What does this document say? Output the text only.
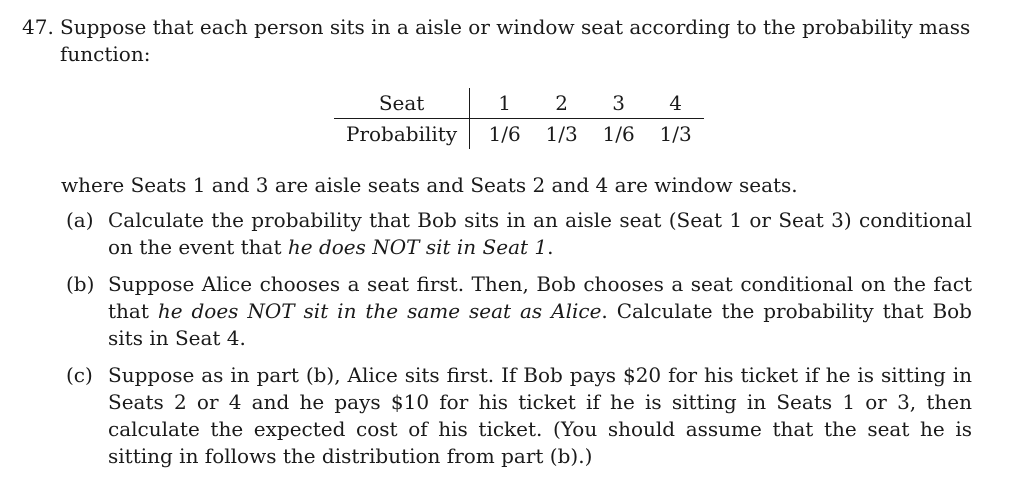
47. Suppose that each person sits in a aisle or window seat according to the probability mass
function:
Seat	1	2	3	4
Probability	1/6	1/3	1/6	1/3
where Seats 1 and 3 are aisle seats and Seats 2 and 4 are window seats.
(a) Calculate the probability that Bob sits in an aisle seat (Seat 1 or Seat 3) conditional on the event that he does NOT sit in Seat 1.
(b) Suppose Alice chooses a seat first. Then, Bob chooses a seat conditional on the fact that he does NOT sit in the same seat as Alice. Calculate the probability that Bob sits in Seat 4.
(c) Suppose as in part (b), Alice sits first. If Bob pays $20 for his ticket if he is sitting in Seats 2 or 4 and he pays $10 for his ticket if he is sitting in Seats 1 or 3, then calculate the expected cost of his ticket. (You should assume that the seat he is sitting in follows the distribution from part (b).)
